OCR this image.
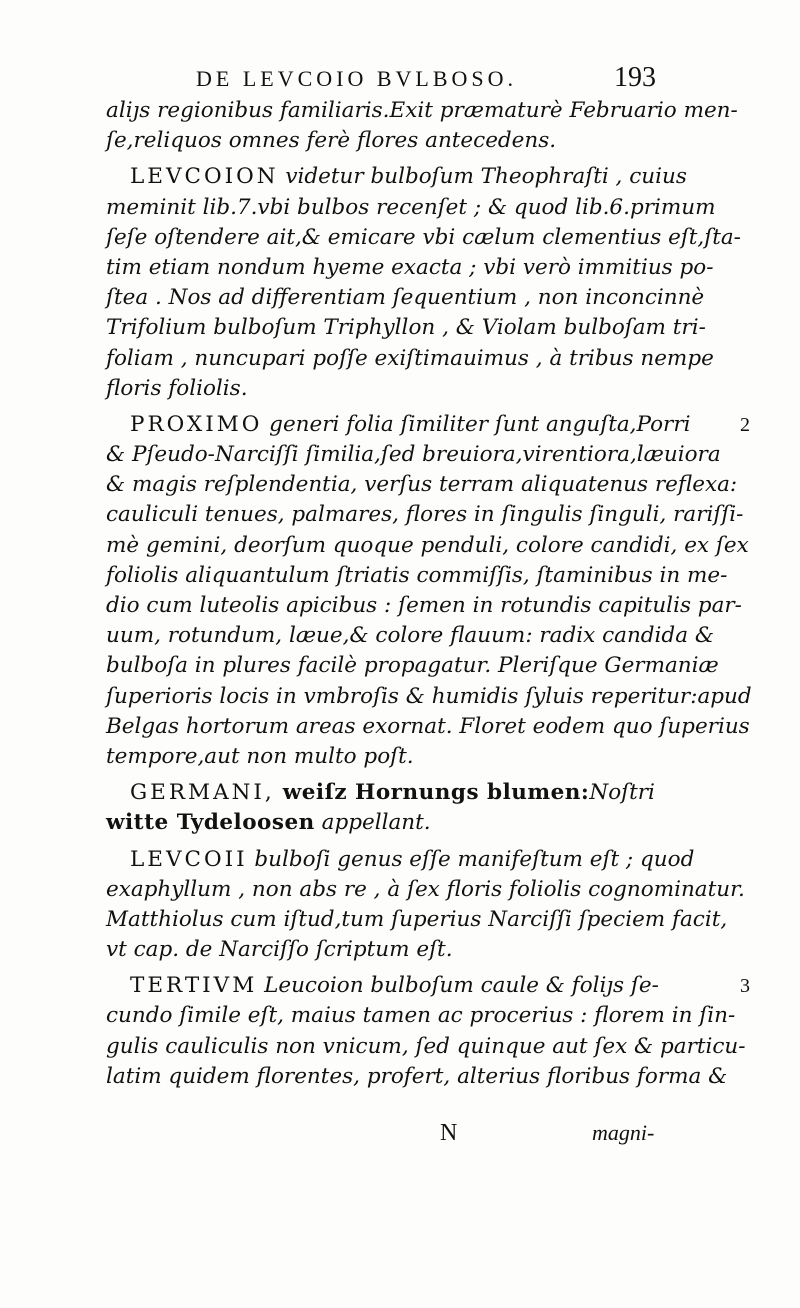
DE LEVCOIO BVLBOSO.	193
aliȷs regionibus familiaris.Exit prӕmaturè Februario men-
ſe,reliquos omnes ferè flores antecedens.
LEVCOION videtur bulboſum Theophraſti , cuius
meminit lib.7.vbi bulbos recenſet ; & quod lib.6.primum
ſeſe oſtendere ait,& emicare vbi cӕlum clementius eſt,ſta-
tim etiam nondum hyeme exacta ; vbi verò immitius po-
ſtea . Nos ad differentiam ſequentium , non inconcinnè
Trifolium bulboſum Triphyllon , & Violam bulboſam tri-
foliam , nuncupari poſſe exiſtimauimus , à tribus nempe
floris foliolis.
PROXIMO generi folia ſimiliter ſunt anguſta,Porri
& Pſeudo-Narciſſi ſimilia,ſed breuiora,virentiora,lӕuiora
& magis reſplendentia, verſus terram aliquatenus reflexa:
cauliculi tenues, palmares, flores in ſingulis ſinguli, rariſſi-
mè gemini, deorſum quoque penduli, colore candidi, ex ſex
foliolis aliquantulum ſtriatis commiſſis, ſtaminibus in me-
dio cum luteolis apicibus : ſemen in rotundis capitulis par-
uum, rotundum, lӕue,& colore flauum: radix candida &
bulboſa in plures facilè propagatur. Pleriſque Germaniӕ
ſuperioris locis in vmbroſis & humidis ſyluis reperitur:apud
Belgas hortorum areas exornat. Floret eodem quo ſuperius
tempore,aut non multo poſt.
GERMANI, weiſz Hornungs blumen:Noſtri
witte Tydeloosen appellant.
LEVCOII bulboſi genus eſſe manifeſtum eſt ; quod
exaphyllum , non abs re , à ſex floris foliolis cognominatur.
Matthiolus cum iſtud,tum ſuperius Narciſſi ſpeciem facit,
vt cap. de Narciſſo ſcriptum eſt.
TERTIVM Leucoion bulboſum caule & foliȷs ſe-
cundo ſimile eſt, maius tamen ac procerius : florem in ſin-
gulis cauliculis non vnicum, ſed quinque aut ſex & particu-
latim quidem florentes, profert, alterius floribus forma &
2
3
N	magni-
